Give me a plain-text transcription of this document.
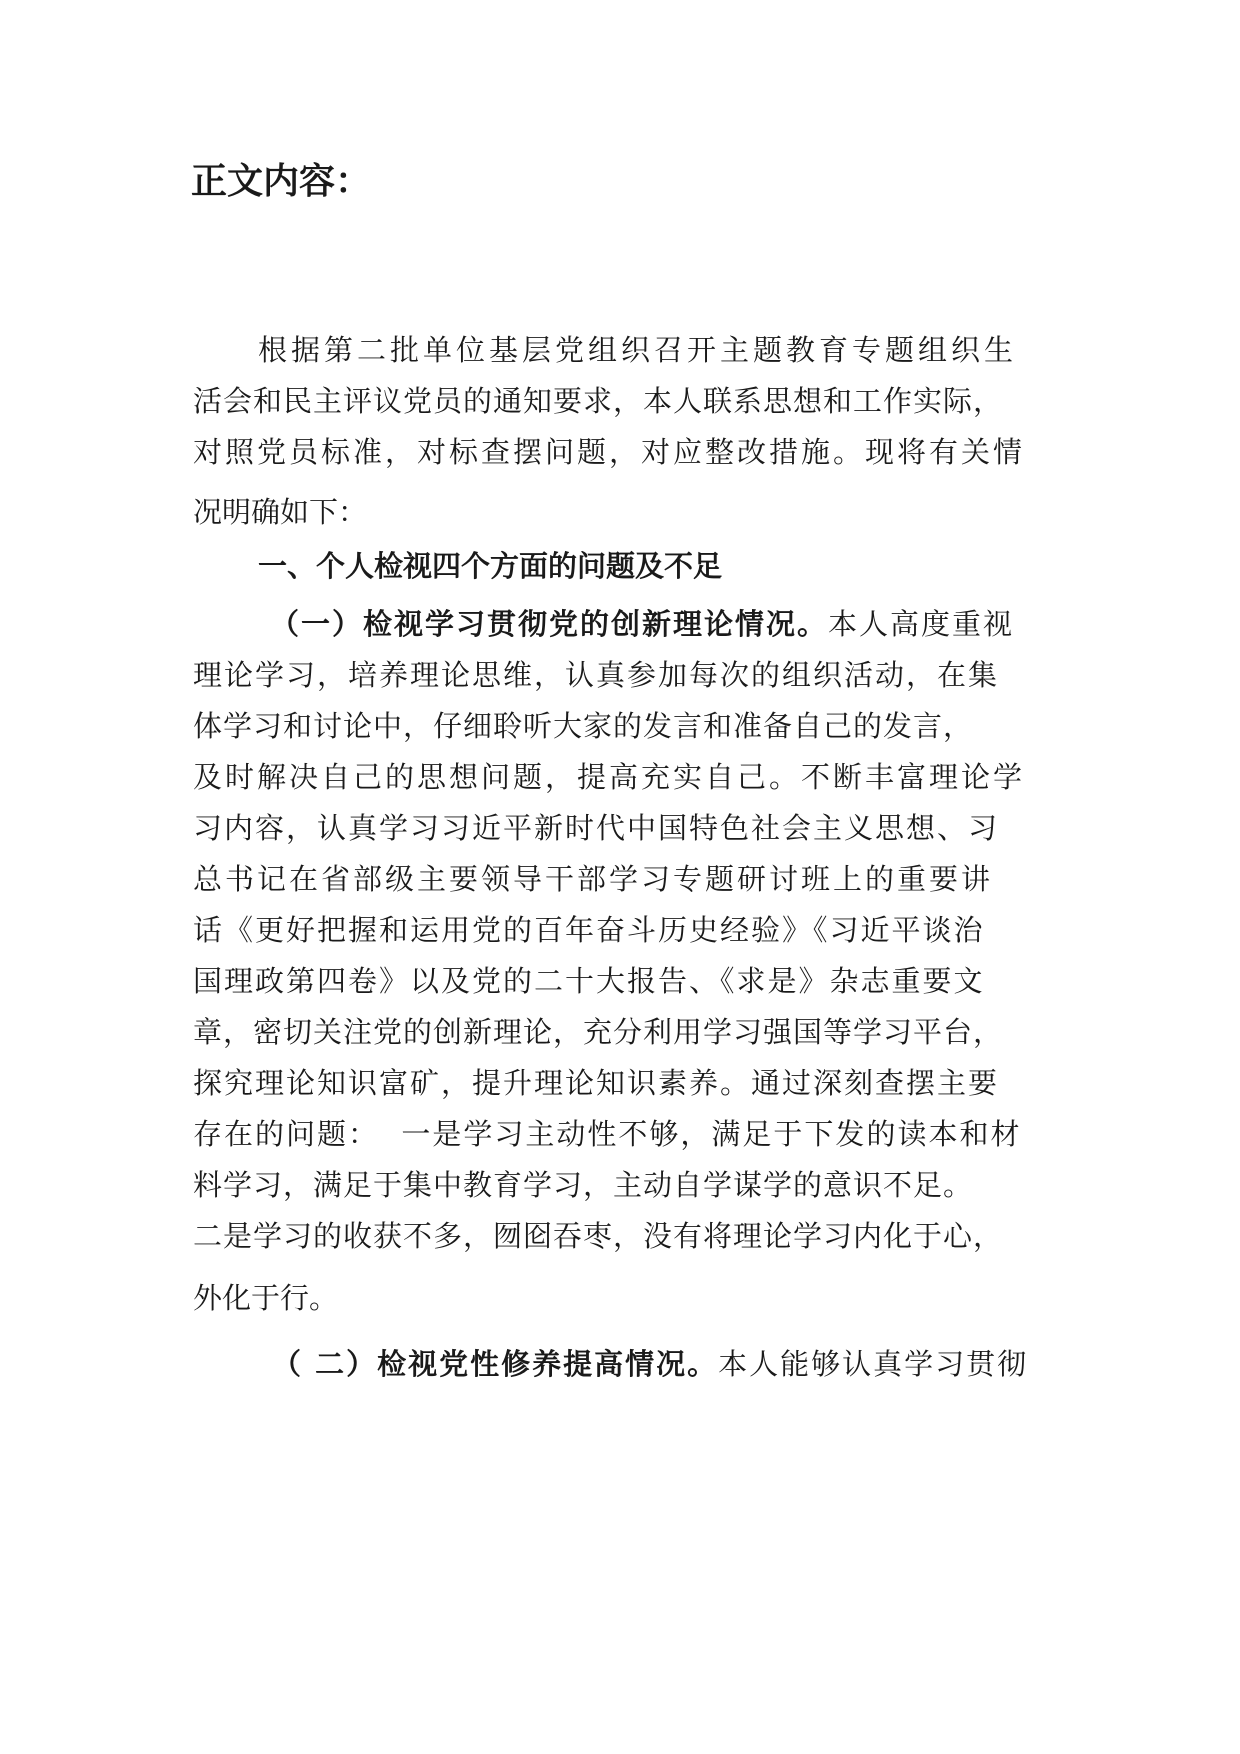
正文内容：
根据第二批单位基层党组织召开主题教育专题组织生
活会和民主评议党员的通知要求，本人联系思想和工作实际，
对照党员标准，对标查摆问题，对应整改措施。现将有关情
况明确如下：
一、个人检视四个方面的问题及不足
（一）检视学习贯彻党的创新理论情况。本人高度重视
理论学习，培养理论思维，认真参加每次的组织活动，在集
体学习和讨论中，仔细聆听大家的发言和准备自己的发言，
及时解决自己的思想问题，提高充实自己。不断丰富理论学
习内容，认真学习习近平新时代中国特色社会主义思想、习
总书记在省部级主要领导干部学习专题研讨班上的重要讲
话《更好把握和运用党的百年奋斗历史经验》《习近平谈治
国理政第四卷》以及党的二十大报告、《求是》杂志重要文
章，密切关注党的创新理论，充分利用学习强国等学习平台，
探究理论知识富矿，提升理论知识素养。通过深刻查摆主要
存在的问题：  一是学习主动性不够，满足于下发的读本和材
料学习，满足于集中教育学习，主动自学谋学的意识不足。
二是学习的收获不多，囫囵吞枣，没有将理论学习内化于心，
外化于行。
（ 二）检视党性修养提高情况。本人能够认真学习贯彻
